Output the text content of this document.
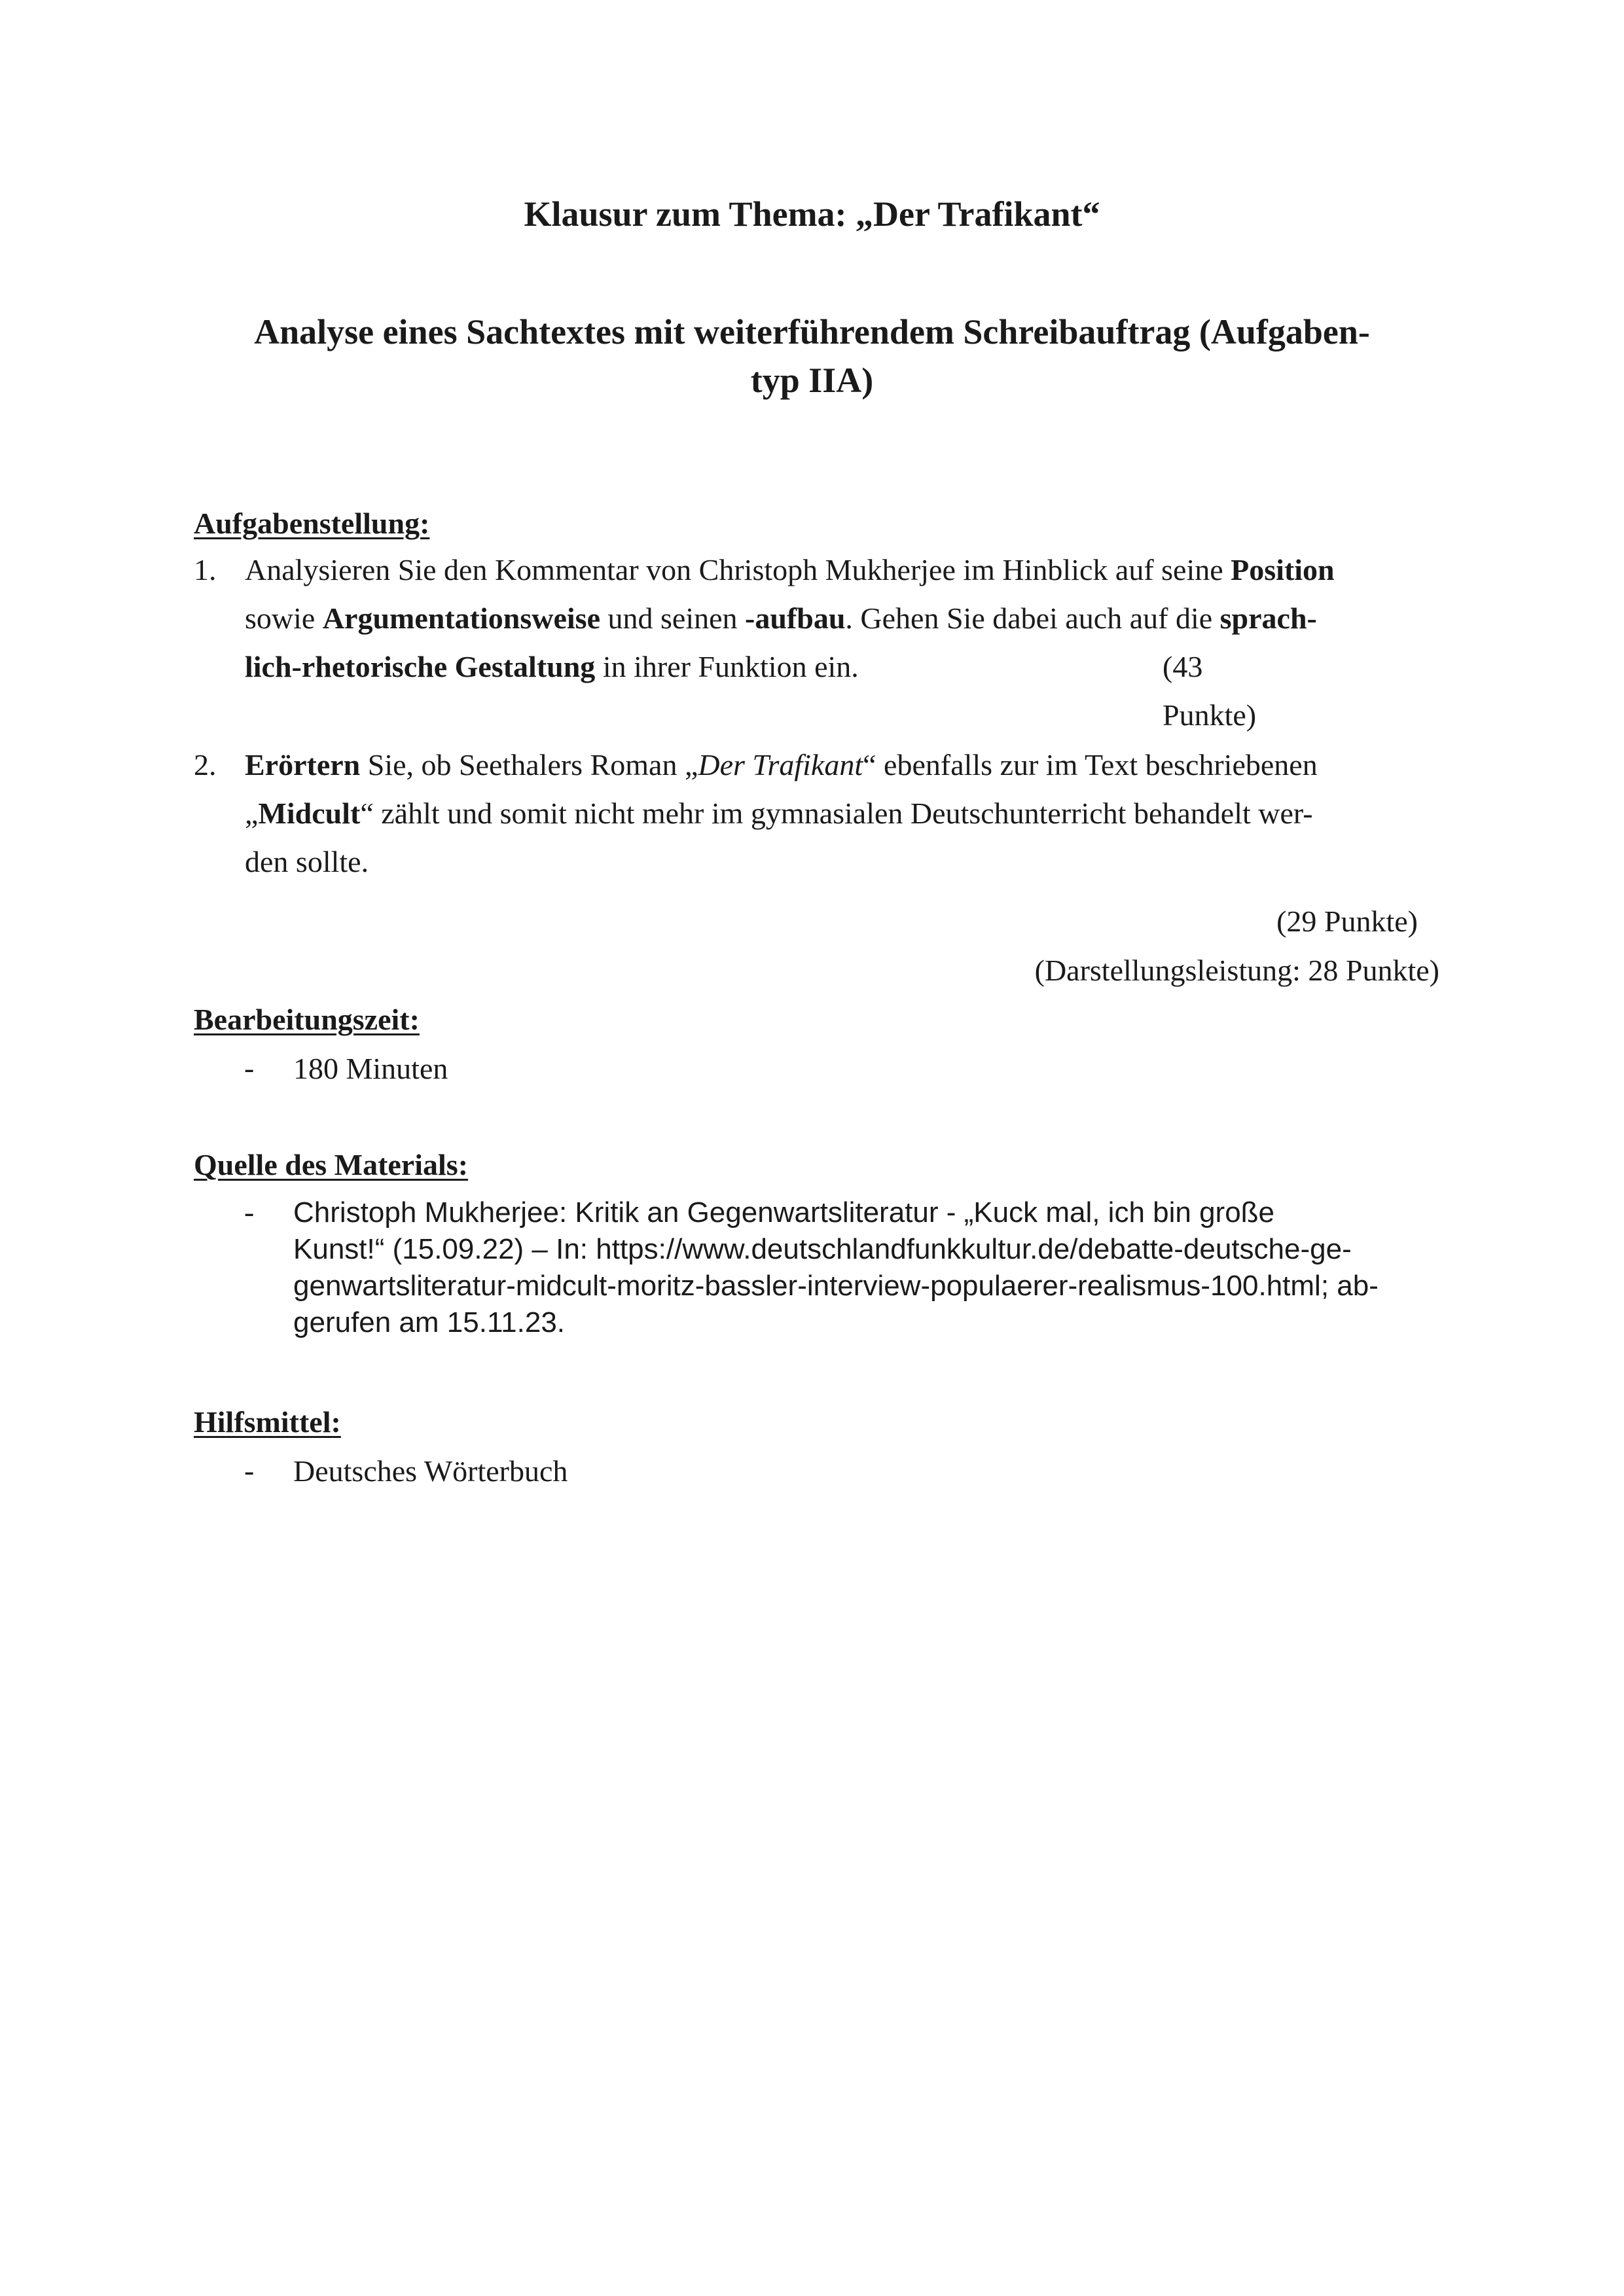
Klausur zum Thema: „Der Trafikant“
Analyse eines Sachtextes mit weiterführendem Schreibauftrag (Aufgaben-
typ IIA)
Aufgabenstellung:
1. Analysieren Sie den Kommentar von Christoph Mukherjee im Hinblick auf seine Position
sowie Argumentationsweise und seinen -aufbau. Gehen Sie dabei auch auf die sprach-
lich-rhetorische Gestaltung in ihrer Funktion ein.	(43 Punkte)
2. Erörtern Sie, ob Seethalers Roman „Der Trafikant“ ebenfalls zur im Text beschriebenen
„Midcult“ zählt und somit nicht mehr im gymnasialen Deutschunterricht behandelt wer-
den sollte.
(29 Punkte)
(Darstellungsleistung: 28 Punkte)
Bearbeitungszeit:
- 180 Minuten
Quelle des Materials:
- Christoph Mukherjee: Kritik an Gegenwartsliteratur - „Kuck mal, ich bin große
Kunst!“ (15.09.22) – In: https://www.deutschlandfunkkultur.de/debatte-deutsche-ge-
genwartsliteratur-midcult-moritz-bassler-interview-populaerer-realismus-100.html; ab-
gerufen am 15.11.23.
Hilfsmittel:
- Deutsches Wörterbuch
